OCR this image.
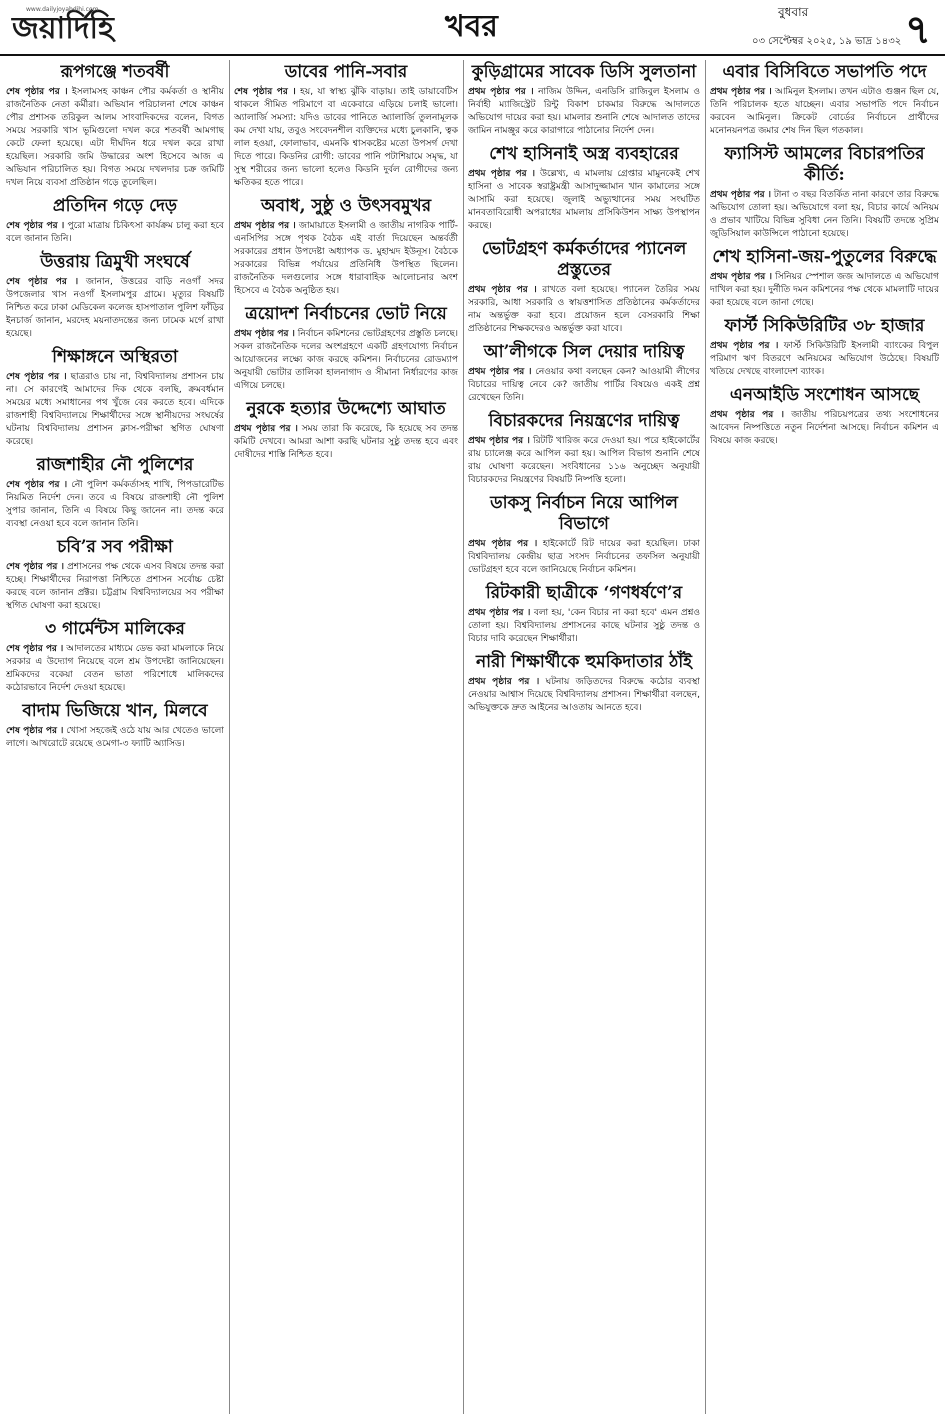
জয়ার্দিহি
www.dailyjoyabdihi.com	খবর	বুধবার
০৩ সেপ্টেম্বর ২০২৫, ১৯ ভাদ্র ১৪৩২ ৭
রূপগঞ্জে শতবর্ষী
শেষ পৃষ্ঠার পর । ইসলামসহ কাঞ্চন পৌর কর্মকর্তা ও স্থানীয় রাজনৈতিক নেতা কর্মীরা। অভিযান পরিচালনা শেষে কাঞ্চন পৌর প্রশাসক তরিকুল আলম সাংবাদিকদের বলেন, বিগত সময়ে সরকারি খাস ভূমিগুলো দখল করে শতবর্ষী আমগাছ কেটে ফেলা হয়েছে। এটা দীর্ঘদিন ধরে দখল করে রাখা হয়েছিল। সরকারি জমি উদ্ধারের অংশ হিসেবে আজ এ অভিযান পরিচালিত হয়। বিগত সময়ে দখলদার চক্র জমিটি দখল নিয়ে ব্যবসা প্রতিষ্ঠান গড়ে তুলেছিল।
প্রতিদিন গড়ে দেড়
শেষ পৃষ্ঠার পর । পুরো মাত্রায় চিকিৎসা কার্যক্রম চালু করা হবে বলে জানান তিনি।
উত্তরায় ত্রিমুখী সংঘর্ষে
শেষ পৃষ্ঠার পর । জানান, উত্তরের বাড়ি নওগাঁ সদর উপজেলার খাস নওগাঁ ইসলামপুর গ্রামে। মৃত্যুর বিষয়টি নিশ্চিত করে ঢাকা মেডিকেল কলেজ হাসপাতাল পুলিশ ফাঁড়ির ইনচার্জ জানান, মরদেহ ময়নাতদন্তের জন্য ঢামেক মর্গে রাখা হয়েছে।
শিক্ষাঙ্গনে অস্থিরতা
শেষ পৃষ্ঠার পর । ছাত্ররাও চায় না, বিশ্ববিদ্যালয় প্রশাসন চায় না। সে কারণেই আমাদের দিক থেকে বলছি, ক্রমবর্ধমান সময়ের মধ্যে সমাধানের পথ খুঁজে বের করতে হবে। এদিকে রাজশাহী বিশ্ববিদ্যালয়ে শিক্ষার্থীদের সঙ্গে স্থানীয়দের সংঘর্ষের ঘটনায় বিশ্ববিদ্যালয় প্রশাসন ক্লাস-পরীক্ষা স্থগিত ঘোষণা করেছে।
রাজশাহীর নৌ পুলিশের
শেষ পৃষ্ঠার পর । নৌ পুলিশ কর্মকর্তাসহ শাখি, পিপডারেটিভ নিয়মিত নির্দেশ দেন। তবে এ বিষয়ে রাজশাহী নৌ পুলিশ সুপার জানান, তিনি এ বিষয়ে কিছু জানেন না। তদন্ত করে ব্যবস্থা নেওয়া হবে বলে জানান তিনি।
চবি’র সব পরীক্ষা
শেষ পৃষ্ঠার পর । প্রশাসনের পক্ষ থেকে এসব বিষয়ে তদন্ত করা হচ্ছে। শিক্ষার্থীদের নিরাপত্তা নিশ্চিতে প্রশাসন সর্বোচ্চ চেষ্টা করছে বলে জানান প্রক্টর। চট্টগ্রাম বিশ্ববিদ্যালয়ের সব পরীক্ষা স্থগিত ঘোষণা করা হয়েছে।
৩ গার্মেন্টস মালিকের
শেষ পৃষ্ঠার পর । আদালতের মাধ্যমে ডেভ করা মামলাকে নিয়ে সরকার এ উদ্যোগ নিয়েছে বলে শ্রম উপদেষ্টা জানিয়েছেন। শ্রমিকদের বকেয়া বেতন ভাতা পরিশোধে মালিকদের কঠোরভাবে নির্দেশ দেওয়া হয়েছে।
বাদাম ভিজিয়ে খান, মিলবে
শেষ পৃষ্ঠার পর । খোসা সহজেই ওঠে যায় আর খেতেও ভালো লাগে। আখরোটে রয়েছে ওমেগা-৩ ফ্যাটি অ্যাসিড।
ডাবের পানি-সবার
শেষ পৃষ্ঠার পর । হয়, যা স্বাস্থ্য ঝুঁকি বাড়ায়। তাই ডায়াবেটিস থাকলে সীমিত পরিমাণে বা একেবারে এড়িয়ে চলাই ভালো। অ্যালার্জি সমস্যা: যদিও ডাবের পানিতে অ্যালার্জি তুলনামূলক কম দেখা যায়, তবুও সংবেদনশীল ব্যক্তিদের মধ্যে চুলকানি, ত্বক লাল হওয়া, ফোলাভাব, এমনকি শ্বাসকষ্টের মতো উপসর্গ দেখা দিতে পারে। কিডনির রোগী: ডাবের পানি পটাশিয়ামে সমৃদ্ধ, যা সুস্থ শরীরের জন্য ভালো হলেও কিডনি দুর্বল রোগীদের জন্য ক্ষতিকর হতে পারে।
অবাধ, সুষ্ঠু ও উৎসবমুখর
প্রথম পৃষ্ঠার পর । জামায়াতে ইসলামী ও জাতীয় নাগরিক পার্টি-এনসিপির সঙ্গে পৃথক বৈঠক এই বার্তা দিয়েছেন অন্তর্বর্তী সরকারের প্রধান উপদেষ্টা অধ্যাপক ড. মুহাম্মদ ইউনূস। বৈঠকে সরকারের বিভিন্ন পর্যায়ের প্রতিনিধি উপস্থিত ছিলেন। রাজনৈতিক দলগুলোর সঙ্গে ধারাবাহিক আলোচনার অংশ হিসেবে এ বৈঠক অনুষ্ঠিত হয়।
ত্রয়োদশ নির্বাচনের ভোট নিয়ে
প্রথম পৃষ্ঠার পর । নির্বাচন কমিশনের ভোটগ্রহণের প্রস্তুতি চলছে। সকল রাজনৈতিক দলের অংশগ্রহণে একটি গ্রহণযোগ্য নির্বাচন আয়োজনের লক্ষ্যে কাজ করছে কমিশন। নির্বাচনের রোডম্যাপ অনুযায়ী ভোটার তালিকা হালনাগাদ ও সীমানা নির্ধারণের কাজ এগিয়ে চলছে।
নুরকে হত্যার উদ্দেশ্যে আঘাত
প্রথম পৃষ্ঠার পর । সময় তারা কি করেছে, কি হয়েছে সব তদন্ত কমিটি দেখবে। আমরা আশা করছি ঘটনার সুষ্ঠু তদন্ত হবে এবং দোষীদের শাস্তি নিশ্চিত হবে।
কুড়িগ্রামের সাবেক ডিসি সুলতানা
প্রথম পৃষ্ঠার পর । নাজিম উদ্দিন, এনডিসি রাজিবুল ইসলাম ও নির্বাহী ম্যাজিস্ট্রেট রিন্টু বিকাশ চাকমার বিরুদ্ধে আদালতে অভিযোগ দায়ের করা হয়। মামলার শুনানি শেষে আদালত তাদের জামিন নামঞ্জুর করে কারাগারে পাঠানোর নির্দেশ দেন।
শেখ হাসিনাই অস্ত্র ব্যবহারের
প্রথম পৃষ্ঠার পর । উল্লেখ্য, এ মামলায় গ্রেপ্তার মামুনকেই শেখ হাসিনা ও সাবেক স্বরাষ্ট্রমন্ত্রী আসাদুজ্জামান খান কামালের সঙ্গে আসামি করা হয়েছে। জুলাই অভ্যুত্থানের সময় সংঘটিত মানবতাবিরোধী অপরাধের মামলায় প্রসিকিউশন সাক্ষ্য উপস্থাপন করছে।
ভোটগ্রহণ কর্মকর্তাদের প্যানেল প্রস্তুতের
প্রথম পৃষ্ঠার পর । রাখতে বলা হয়েছে। প্যানেল তৈরির সময় সরকারি, আধা সরকারি ও স্বায়ত্তশাসিত প্রতিষ্ঠানের কর্মকর্তাদের নাম অন্তর্ভুক্ত করা হবে। প্রয়োজন হলে বেসরকারি শিক্ষা প্রতিষ্ঠানের শিক্ষকদেরও অন্তর্ভুক্ত করা যাবে।
আ’লীগকে সিল দেয়ার দায়িত্ব
প্রথম পৃষ্ঠার পর । নেওয়ার কথা বলছেন কেন? আওয়ামী লীগের বিচারের দায়িত্ব নেবে কে? জাতীয় পার্টির বিষয়েও একই প্রশ্ন রেখেছেন তিনি।
বিচারকদের নিয়ন্ত্রণের দায়িত্ব
প্রথম পৃষ্ঠার পর । রিটটি খারিজ করে দেওয়া হয়। পরে হাইকোর্টের রায় চ্যালেঞ্জ করে আপিল করা হয়। আপিল বিভাগ শুনানি শেষে রায় ঘোষণা করেছেন। সংবিধানের ১১৬ অনুচ্ছেদ অনুযায়ী বিচারকদের নিয়ন্ত্রণের বিষয়টি নিষ্পত্তি হলো।
ডাকসু নির্বাচন নিয়ে আপিল বিভাগে
প্রথম পৃষ্ঠার পর । হাইকোর্টে রিট দায়ের করা হয়েছিল। ঢাকা বিশ্ববিদ্যালয় কেন্দ্রীয় ছাত্র সংসদ নির্বাচনের তফসিল অনুযায়ী ভোটগ্রহণ হবে বলে জানিয়েছে নির্বাচন কমিশন।
রিটকারী ছাত্রীকে ‘গণধর্ষণে’র
প্রথম পৃষ্ঠার পর । বলা হয়, 'কেন বিচার না করা হবে' এমন প্রশ্নও তোলা হয়। বিশ্ববিদ্যালয় প্রশাসনের কাছে ঘটনার সুষ্ঠু তদন্ত ও বিচার দাবি করেছেন শিক্ষার্থীরা।
নারী শিক্ষার্থীকে হুমকিদাতার ঠাঁই
প্রথম পৃষ্ঠার পর । ঘটনায় জড়িতদের বিরুদ্ধে কঠোর ব্যবস্থা নেওয়ার আশ্বাস দিয়েছে বিশ্ববিদ্যালয় প্রশাসন। শিক্ষার্থীরা বলছেন, অভিযুক্তকে দ্রুত আইনের আওতায় আনতে হবে।
এবার বিসিবিতে সভাপতি পদে
প্রথম পৃষ্ঠার পর । আমিনুল ইসলাম। তখন এটাও গুঞ্জন ছিল যে, তিনি পরিচালক হতে যাচ্ছেন। এবার সভাপতি পদে নির্বাচন করবেন আমিনুল। ক্রিকেট বোর্ডের নির্বাচনে প্রার্থীদের মনোনয়নপত্র জমার শেষ দিন ছিল গতকাল।
ফ্যাসিস্ট আমলের বিচারপতির কীর্তি:
প্রথম পৃষ্ঠার পর । টানা ৩ বছর বিতর্কিত নানা কারণে তার বিরুদ্ধে অভিযোগ তোলা হয়। অভিযোগে বলা হয়, বিচার কার্যে অনিয়ম ও প্রভাব খাটিয়ে বিভিন্ন সুবিধা নেন তিনি। বিষয়টি তদন্তে সুপ্রিম জুডিসিয়াল কাউন্সিলে পাঠানো হয়েছে।
শেখ হাসিনা-জয়-পুতুলের বিরুদ্ধে
প্রথম পৃষ্ঠার পর । সিনিয়র স্পেশাল জজ আদালতে এ অভিযোগ দাখিল করা হয়। দুর্নীতি দমন কমিশনের পক্ষ থেকে মামলাটি দায়ের করা হয়েছে বলে জানা গেছে।
ফার্স্ট সিকিউরিটির ৩৮ হাজার
প্রথম পৃষ্ঠার পর । ফার্স্ট সিকিউরিটি ইসলামী ব্যাংকের বিপুল পরিমাণ ঋণ বিতরণে অনিয়মের অভিযোগ উঠেছে। বিষয়টি খতিয়ে দেখছে বাংলাদেশ ব্যাংক।
এনআইডি সংশোধন আসছে
প্রথম পৃষ্ঠার পর । জাতীয় পরিচয়পত্রের তথ্য সংশোধনের আবেদন নিষ্পত্তিতে নতুন নির্দেশনা আসছে। নির্বাচন কমিশন এ বিষয়ে কাজ করছে।
